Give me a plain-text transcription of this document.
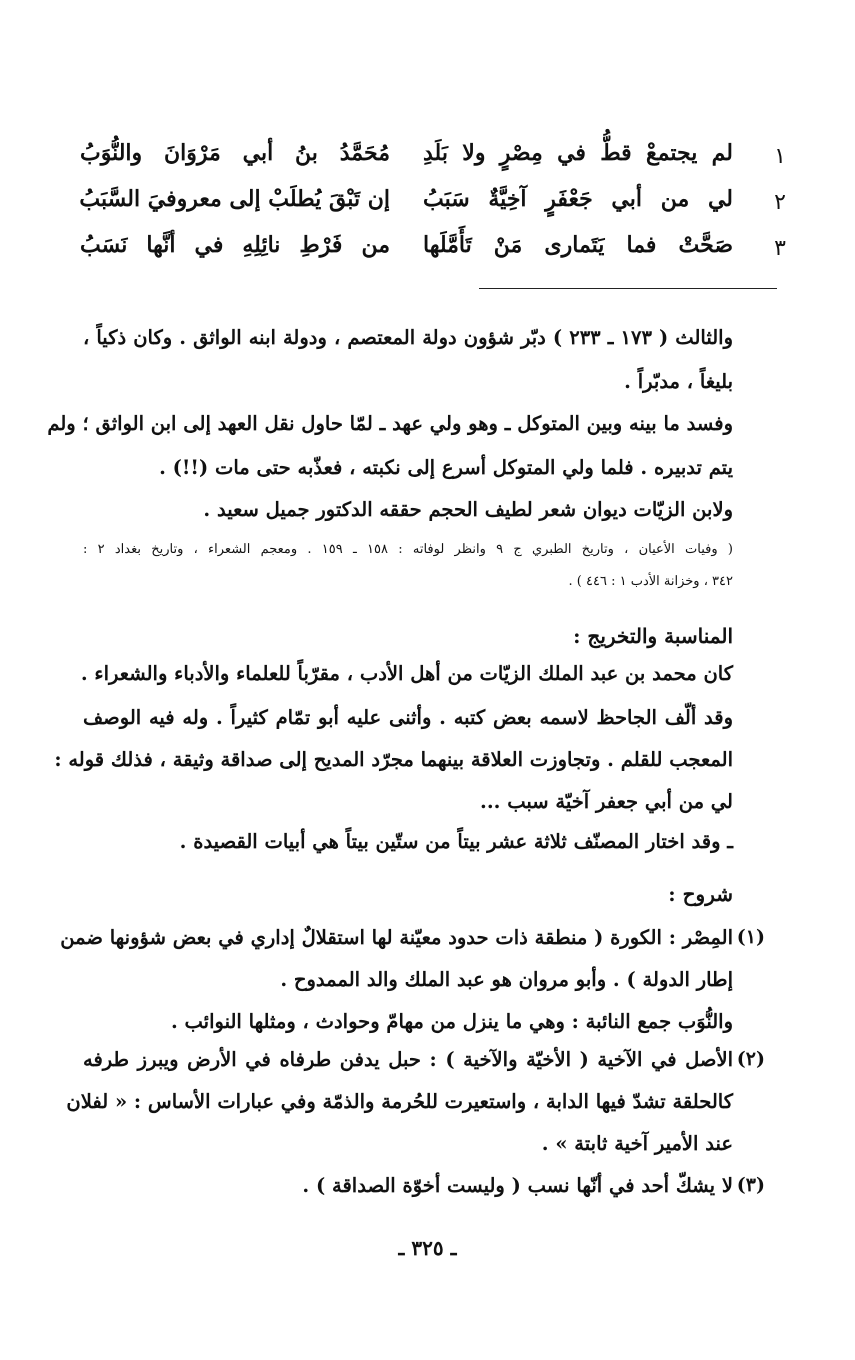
١
لم يجتمعْ قطُّ في مِصْرٍ ولا بَلَدِ
مُحَمَّدُ بنُ أبي مَرْوَانَ والنُّوَبُ
٢
لي من أبي جَعْفَرٍ آخِيَّةٌ سَبَبُ
إن تَبْقَ يُطلَبْ إلى معروفيَ السَّبَبُ
٣
صَحَّتْ فما يَتَمارى مَنْ تَأَمَّلَها
من فَرْطِ نائِلِهِ في أنَّها نَسَبُ
والثالث ( ١٧٣ ـ ٢٣٣ ) دبّر شؤون دولة المعتصم ، ودولة ابنه الواثق . وكان ذكياً ،
بليغاً ، مدبّراً .
وفسد ما بينه وبين المتوكل ـ وهو ولي عهد ـ لمّا حاول نقل العهد إلى ابن الواثق ؛ ولم
يتم تدبيره . فلما ولي المتوكل أسرع إلى نكبته ، فعذّبه حتى مات (!!) .
ولابن الزيّات ديوان شعر لطيف الحجم حققه الدكتور جميل سعيد .
( وفيات الأعيان ، وتاريخ الطبري ج ٩ وانظر لوفاته : ١٥٨ ـ ١٥٩ . ومعجم الشعراء ، وتاريخ بغداد ٢ :
٣٤٢ ، وخزانة الأدب ١ : ٤٤٦ ) .
المناسبة والتخريج :
كان محمد بن عبد الملك الزيّات من أهل الأدب ، مقرّباً للعلماء والأدباء والشعراء .
وقد ألّف الجاحظ لاسمه بعض كتبه . وأثنى عليه أبو تمّام كثيراً . وله فيه الوصف
المعجب للقلم . وتجاوزت العلاقة بينهما مجرّد المديح إلى صداقة وثيقة ، فذلك قوله :
لي من أبي جعفر آخيّة سبب ...
ـ وقد اختار المصنّف ثلاثة عشر بيتاً من ستّين بيتاً هي أبيات القصيدة .
شروح :
(١)
المِصْر : الكورة ( منطقة ذات حدود معيّنة لها استقلالٌ إداري في بعض شؤونها ضمن
إطار الدولة ) . وأبو مروان هو عبد الملك والد الممدوح .
والنُّوَب جمع النائبة : وهي ما ينزل من مهامّ وحوادث ، ومثلها النوائب .
(٢)
الأصل في الآخية ( الأخيّة والآخية ) : حبل يدفن طرفاه في الأرض ويبرز طرفه
كالحلقة تشدّ فيها الدابة ، واستعيرت للحُرمة والذمّة وفي عبارات الأساس : « لفلان
عند الأمير آخية ثابتة » .
(٣)
لا يشكّ أحد في أنّها نسب ( وليست أخوّة الصداقة ) .
ـ ٣٢٥ ـ
